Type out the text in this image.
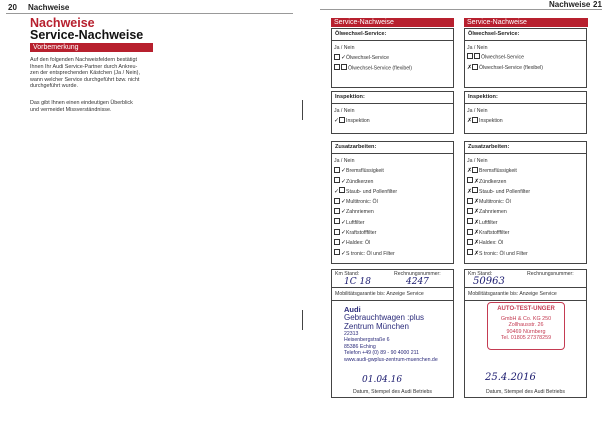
20 Nachweise	Nachweise 21
Nachweise
Service-Nachweise
Vorbemerkung
Auf den folgenden Nachweisfeldern bestätigt
Ihnen Ihr Audi Service-Partner durch Ankreu-
zen der entsprechenden Kästchen (Ja / Nein),
wann welcher Service durchgeführt bzw. nicht
durchgeführt wurde.
Das gibt Ihnen einen eindeutigen Überblick
und vermeidet Missverständnisse.
Service-Nachweise
Ölwechsel-Service:
Ja / Nein
✓Ölwechsel-Service
Ölwechsel-Service (flexibel)
Inspektion:
Ja / Nein
✓ Inspektion
Zusatzarbeiten:
Ja / Nein
✓Bremsflüssigkeit
✓Zündkerzen
✓ Staub- und Pollenfilter
✓Multitronic: Öl
✓Zahnriemen
✓Luftfilter
✓Kraftstofffilter
✓Haldex: Öl
✓S tronic: Öl und Filter
Km Stand:	Rechnungsnummer:
1C 18	4247
Mobilitätsgarantie bis: Anzeige Service
Audi
Gebrauchtwagen :plus
Zentrum München
22313
Heisenbergstraße 6
85386 Eching
Telefon +49 (0) 89 - 90 4000 211
www.audi-gwplus-zentrum-muenchen.de
01.04.16
Datum, Stempel des Audi Betriebs
Service-Nachweise
Ölwechsel-Service:
Ja / Nein
Ölwechsel-Service
✗ Ölwechsel-Service (flexibel)
Inspektion:
Ja / Nein
✗ Inspektion
Zusatzarbeiten:
Ja / Nein
✗ Bremsflüssigkeit
✗Zündkerzen
✗ Staub- und Pollenfilter
✗Multitronic: Öl
✗Zahnriemen
✗Luftfilter
✗Kraftstofffilter
✗Haldex: Öl
✗S tronic: Öl und Filter
Km Stand:	Rechnungsnummer:
50963
Mobilitätsgarantie bis: Anzeige Service
AUTO-TEST-UNGER
GmbH & Co. KG 250
Zollhausstr. 26
90469 Nürnberg
Tel. 01805 27378259
25.4.2016
Datum, Stempel des Audi Betriebs
